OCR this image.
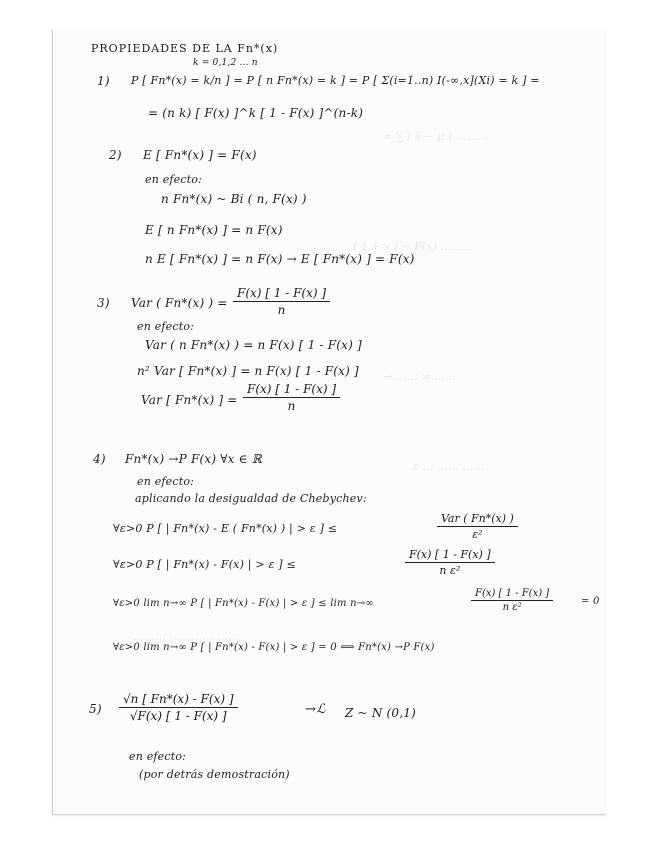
≈ ∑ ( x̄ − μ ) ………
( 1 + x ) − F(x) ………
→ …… ∞ ……
ε … …… ……
……… ………… ……
PROPIEDADES DE LA Fn*(x)
k = 0,1,2 ... n
1) P [ Fn*(x) = k/n ] = P [ n Fn*(x) = k ] = P [ Σ(i=1..n) I(-∞,x](Xi) = k ] =
= (n k) [ F(x) ]^k [ 1 - F(x) ]^(n-k)
2) E [ Fn*(x) ] = F(x)
en efecto:
n Fn*(x) ~ Bi ( n, F(x) )
E [ n Fn*(x) ] = n F(x)
n E [ Fn*(x) ] = n F(x) → E [ Fn*(x) ] = F(x)
3) Var ( Fn*(x) ) = $\frac{F(x) [ 1 - F(x) ]}{n}$
en efecto:
Var ( n Fn*(x) ) = n F(x) [ 1 - F(x) ]
n² Var [ Fn*(x) ] = n F(x) [ 1 - F(x) ]
Var [ Fn*(x) ] = $\frac{F(x) [ 1 - F(x) ]}{n}$
4) Fn*(x) →P F(x) ∀x ∈ ℝ
en efecto:
aplicando la desigualdad de Chebychev:
∀ε>0 P [ | Fn*(x) - E ( Fn*(x) ) | > ε ] ≤
Var ( Fn*(x) )
ε²
∀ε>0 P [ | Fn*(x) - F(x) | > ε ] ≤	$\frac{F(x) [ 1 - F(x) ]}{\text{n ε²}}$
∀ε>0 lim n→∞ P [ | Fn*(x) - F(x) | > ε ] ≤ lim n→∞	$\frac{F(x) [ 1 - F(x) ]}{\text{n ε²}}$	= 0
∀ε>0 lim n→∞ P [ | Fn*(x) - F(x) | > ε ] = 0 ⟺ Fn*(x) →P F(x)
$5) \frac{√n [ Fn*(x) - F(x) ]}{√F(x) [ 1 - F(x) ]}$	→ℒ Z ~ N (0,1)
en efecto:
(por detrás demostración)
